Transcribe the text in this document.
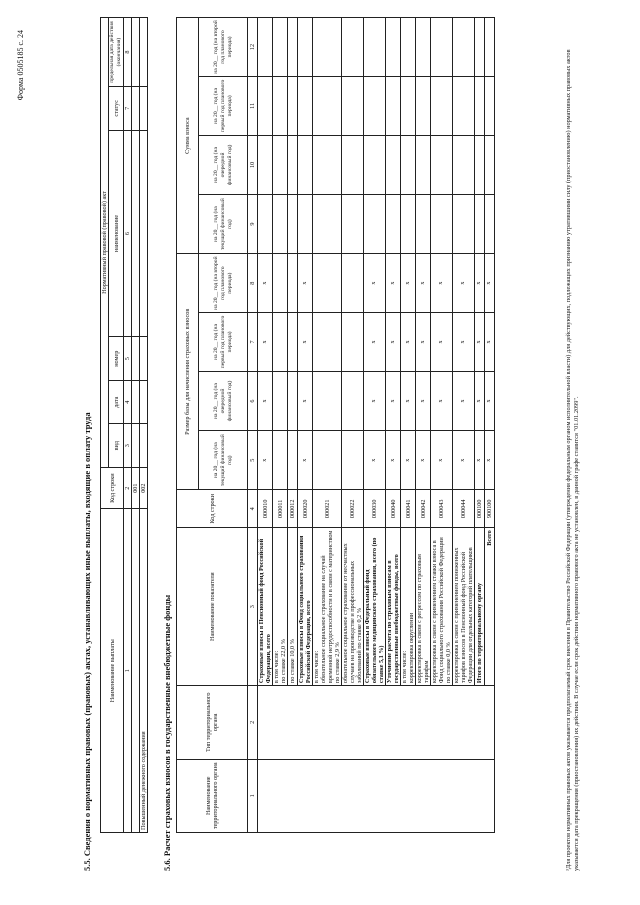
Форма 0505185 с. 24
5.5. Сведения о нормативных правовых (правовых) актах, устанавливающих иные выплаты, входящие в оплату труда	Наименование выплаты	Код строки	Нормативный правовой (правовой) акт					
		вид	дата	номер	наименование	статус	предельная дата действия (окончания)
1	2	3	4	5	6	7	8
	001						
Повышенный денежного содержания	002						
5.6. Расчет страховых взносов в государственные внебюджетные фонды	Наименование территориального органа	Тип территориального органа	Наименование показателя	Код строки	Размер базы для начисления страховых взносов				Сумма взноса			
				на 20__ год (на текущий финансовый год)	на 20__ год (на очередной финансовый год)	на 20__ год (на первый год планового периода)	на 20__ год (на второй год планового периода)	на 20__ год (на текущий финансовый год)	на 20__ год (на очередной финансовый год)	на 20__ год (на первый год планового периода)	на 20__ год (на второй год планового периода)
1	2	3	4	5	6	7	8	9	10	11	12

		Страховые взносы в Пенсионный фонд Российской Федерации, всего	000010	x	x	x	x				

		в том числе: по ставке 22,0 %	000011								

		по ставке 10,0 %	000012								

		Страховые взносы в Фонд социального страхования Российской Федерации, всего	000020	x	x	x	x				

		в том числе: обязательное социальное страхование на случай временной нетрудоспособности и в связи с материнством по ставке 2,9 %	000021								

		обязательное социальное страхование от несчастных случаев на производстве и профессиональных заболеваний по ставке 0,2 %	000022								

		Страховые взносы в Федеральный фонд обязательного медицинского страхования, всего (по ставке 5,1 %)	000030	x	x	x	x				

		Уточнение расчета по страховым взносам в государственные внебюджетные фонды, всего	000040	x	x	x	x				

		в том числе: корректировка округлении	000041	x	x	x	x				

		корректировка в связи с регрессом по страховым тарифам	000042	x	x	x	x				

		корректировка в связи с применением ставки взноса в Фонд социального страхования Российской Федерации по ставке 0,0 %	000043	x	x	x	x				

		корректировка в связи с применением пониженных тарифов взносов в Пенсионный фонд Российской Федерации для отдельных категорий плательщиков	000044	x	x	x	x				

		Итого по территориальному органу	000100	x	x	x	x				

		Всего	900100	x	x	x	x					³Для проектов нормативных правовых актов указывается предполагаемый срок внесения в Правительство Российской Федерации (утверждения федеральным органом исполнительной власти) для действующих, подлежащих признанию утратившими силу (приостановлению) нормативных правовых актов указывается дата прекращения (приостановления) их действия. В случае если срок действия нормативного правового акта не установлен, в данной графе ставится "01.01.2099".
